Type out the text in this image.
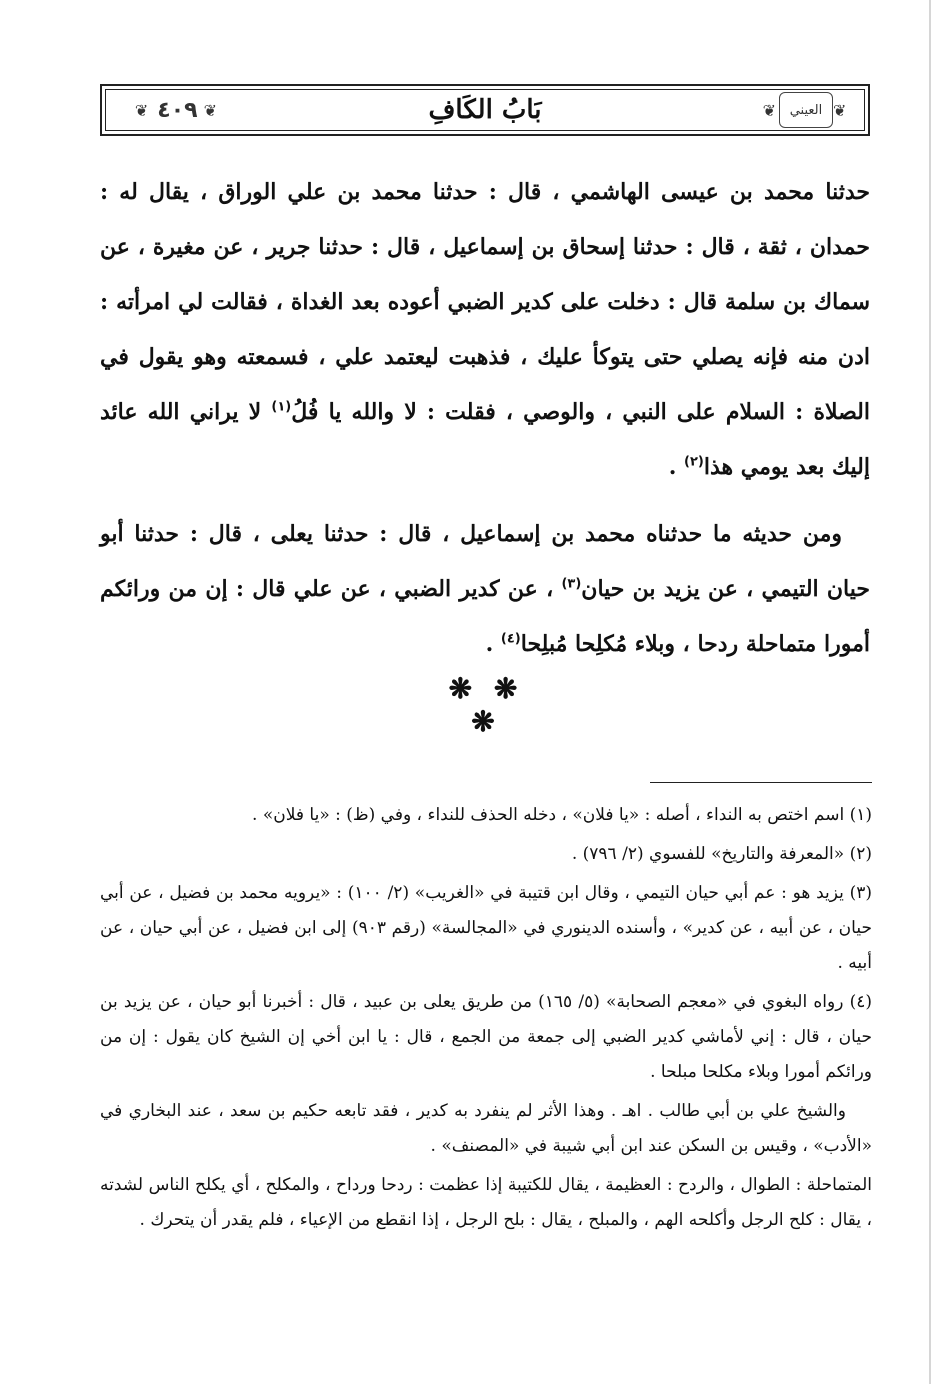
❦ ٤٠٩ ❦	بَابُ الكَافِ	❦ العيني ❦

حدثنا محمد بن عيسى الهاشمي ، قال : حدثنا محمد بن علي الوراق ، يقال له : حمدان ، ثقة ، قال : حدثنا إسحاق بن إسماعيل ، قال : حدثنا جرير ، عن مغيرة ، عن سماك بن سلمة قال : دخلت على كدير الضبي أعوده بعد الغداة ، فقالت لي امرأته : ادن منه فإنه يصلي حتى يتوكأ عليك ، فذهبت ليعتمد علي ، فسمعته وهو يقول في الصلاة : السلام على النبي ، والوصي ، فقلت : لا والله يا فُلُ$^{(١)}$ لا يراني الله عائد إليك بعد يومي هذا$^{(٢)}$ .

ومن حديثه ما حدثناه محمد بن إسماعيل ، قال : حدثنا يعلى ، قال : حدثنا أبو حيان التيمي ، عن يزيد بن حيان$^{(٣)}$ ، عن كدير الضبي ، عن علي قال : إن من ورائكم أمورا متماحلة ردحا ، وبلاء مُكلِحا مُبلِحا$^{(٤)}$ .

❋ ❋ ❋

(١) اسم اختص به النداء ، أصله : «يا فلان» ، دخله الحذف للنداء ، وفي (ظ) : «يا فلان» .

(٢) «المعرفة والتاريخ» للفسوي (٢/ ٧٩٦) .

(٣) يزيد هو : عم أبي حيان التيمي ، وقال ابن قتيبة في «الغريب» (٢/ ١٠٠) : «يرويه محمد بن فضيل ، عن أبي حيان ، عن أبيه ، عن كدير» ، وأسنده الدينوري في «المجالسة» (رقم ٩٠٣) إلى ابن فضيل ، عن أبي حيان ، عن أبيه .

(٤) رواه البغوي في «معجم الصحابة» (٥/ ١٦٥) من طريق يعلى بن عبيد ، قال : أخبرنا أبو حيان ، عن يزيد بن حيان ، قال : إني لأماشي كدير الضبي إلى جمعة من الجمع ، قال : يا ابن أخي إن الشيخ كان يقول : إن من ورائكم أمورا وبلاء مكلحا مبلحا .

والشيخ علي بن أبي طالب . اهـ . وهذا الأثر لم ينفرد به كدير ، فقد تابعه حكيم بن سعد ، عند البخاري في «الأدب» ، وقيس بن السكن عند ابن أبي شيبة في «المصنف» .

المتماحلة : الطوال ، والردح : العظيمة ، يقال للكتيبة إذا عظمت : ردحا ورداح ، والمكلح ، أي يكلح الناس لشدته ، يقال : كلح الرجل وأكلحه الهم ، والمبلح ، يقال : بلح الرجل ، إذا انقطع من الإعياء ، فلم يقدر أن يتحرك .
